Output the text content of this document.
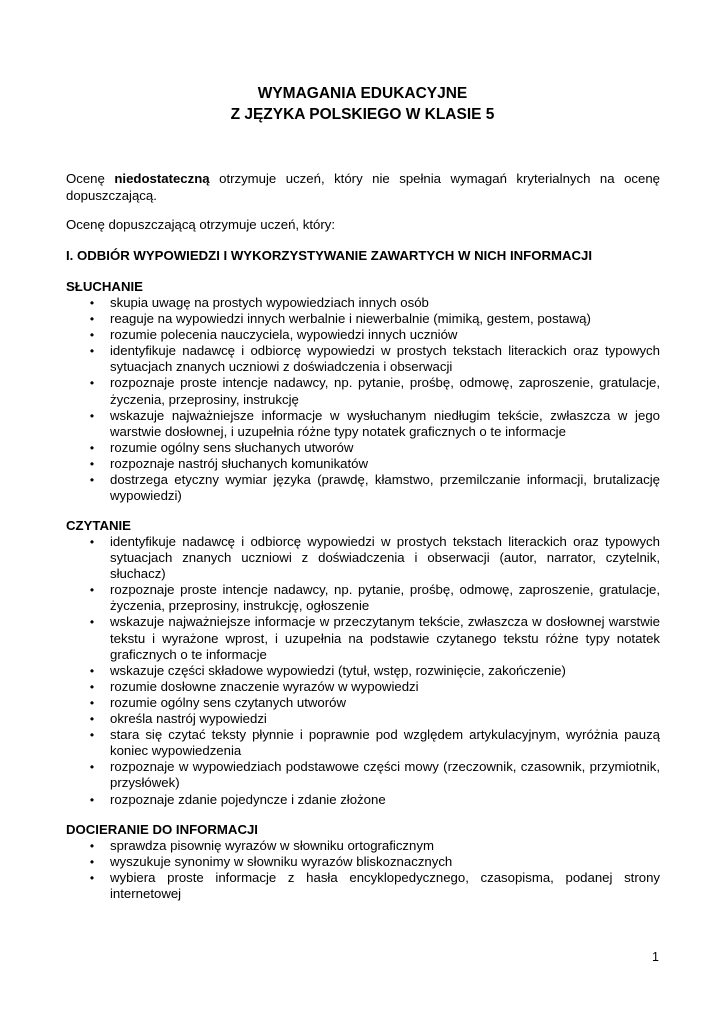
WYMAGANIA EDUKACYJNE
Z JĘZYKA POLSKIEGO W KLASIE 5
Ocenę niedostateczną otrzymuje uczeń, który nie spełnia wymagań kryterialnych na ocenę dopuszczającą.
Ocenę dopuszczającą otrzymuje uczeń, który:
I. ODBIÓR WYPOWIEDZI I WYKORZYSTYWANIE ZAWARTYCH W NICH INFORMACJI
SŁUCHANIE
• skupia uwagę na prostych wypowiedziach innych osób
• reaguje na wypowiedzi innych werbalnie i niewerbalnie (mimiką, gestem, postawą)
• rozumie polecenia nauczyciela, wypowiedzi innych uczniów
• identyfikuje nadawcę i odbiorcę wypowiedzi w prostych tekstach literackich oraz typowych sytuacjach znanych uczniowi z doświadczenia i obserwacji
• rozpoznaje proste intencje nadawcy, np. pytanie, prośbę, odmowę, zaproszenie, gratulacje, życzenia, przeprosiny, instrukcję
• wskazuje najważniejsze informacje w wysłuchanym niedługim tekście, zwłaszcza w jego warstwie dosłownej, i uzupełnia różne typy notatek graficznych o te informacje
• rozumie ogólny sens słuchanych utworów
• rozpoznaje nastrój słuchanych komunikatów
• dostrzega etyczny wymiar języka (prawdę, kłamstwo, przemilczanie informacji, brutalizację wypowiedzi)
CZYTANIE
• identyfikuje nadawcę i odbiorcę wypowiedzi w prostych tekstach literackich oraz typowych sytuacjach znanych uczniowi z doświadczenia i obserwacji (autor, narrator, czytelnik, słuchacz)
• rozpoznaje proste intencje nadawcy, np. pytanie, prośbę, odmowę, zaproszenie, gratulacje, życzenia, przeprosiny, instrukcję, ogłoszenie
• wskazuje najważniejsze informacje w przeczytanym tekście, zwłaszcza w dosłownej warstwie tekstu i wyrażone wprost, i uzupełnia na podstawie czytanego tekstu różne typy notatek graficznych o te informacje
• wskazuje części składowe wypowiedzi (tytuł, wstęp, rozwinięcie, zakończenie)
• rozumie dosłowne znaczenie wyrazów w wypowiedzi
• rozumie ogólny sens czytanych utworów
• określa nastrój wypowiedzi
• stara się czytać teksty płynnie i poprawnie pod względem artykulacyjnym, wyróżnia pauzą koniec wypowiedzenia
• rozpoznaje w wypowiedziach podstawowe części mowy (rzeczownik, czasownik, przymiotnik, przysłówek)
• rozpoznaje zdanie pojedyncze i zdanie złożone
DOCIERANIE DO INFORMACJI
• sprawdza pisownię wyrazów w słowniku ortograficznym
• wyszukuje synonimy w słowniku wyrazów bliskoznacznych
• wybiera proste informacje z hasła encyklopedycznego, czasopisma, podanej strony internetowej
1
